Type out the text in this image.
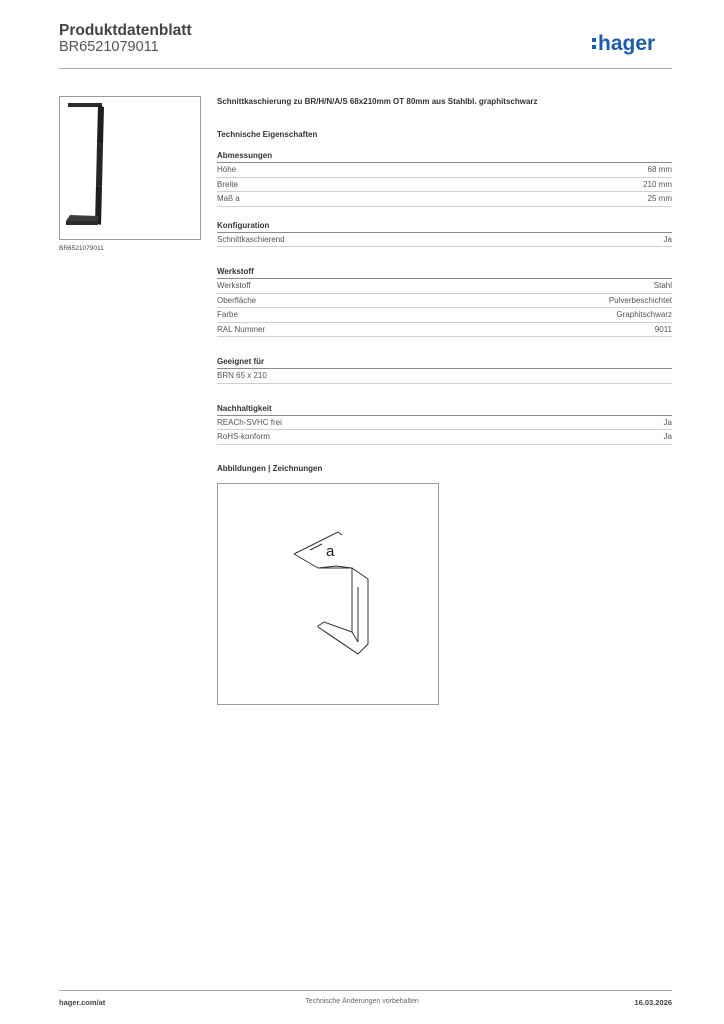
Produktdatenblatt
BR6521079011	hager
BR6521079011
Schnittkaschierung zu BR/H/N/A/S 68x210mm OT 80mm aus Stahlbl. graphitschwarz
Technische Eigenschaften
Abmessungen
Höhe	68 mm
Breite	210 mm
Maß a	25 mm
Konfiguration
Schnittkaschierend	Ja
Werkstoff
Werkstoff	Stahl
Oberfläche	Pulverbeschichtet
Farbe	Graphitschwarz
RAL Nummer	9011
Geeignet für
BRN 65 x 210
Nachhaltigkeit
REACh-SVHC frei	Ja
RoHS-konform	Ja
Abbildungen | Zeichnungen
a
hager.com/at	Technische Änderungen vorbehalten	16.03.2026
